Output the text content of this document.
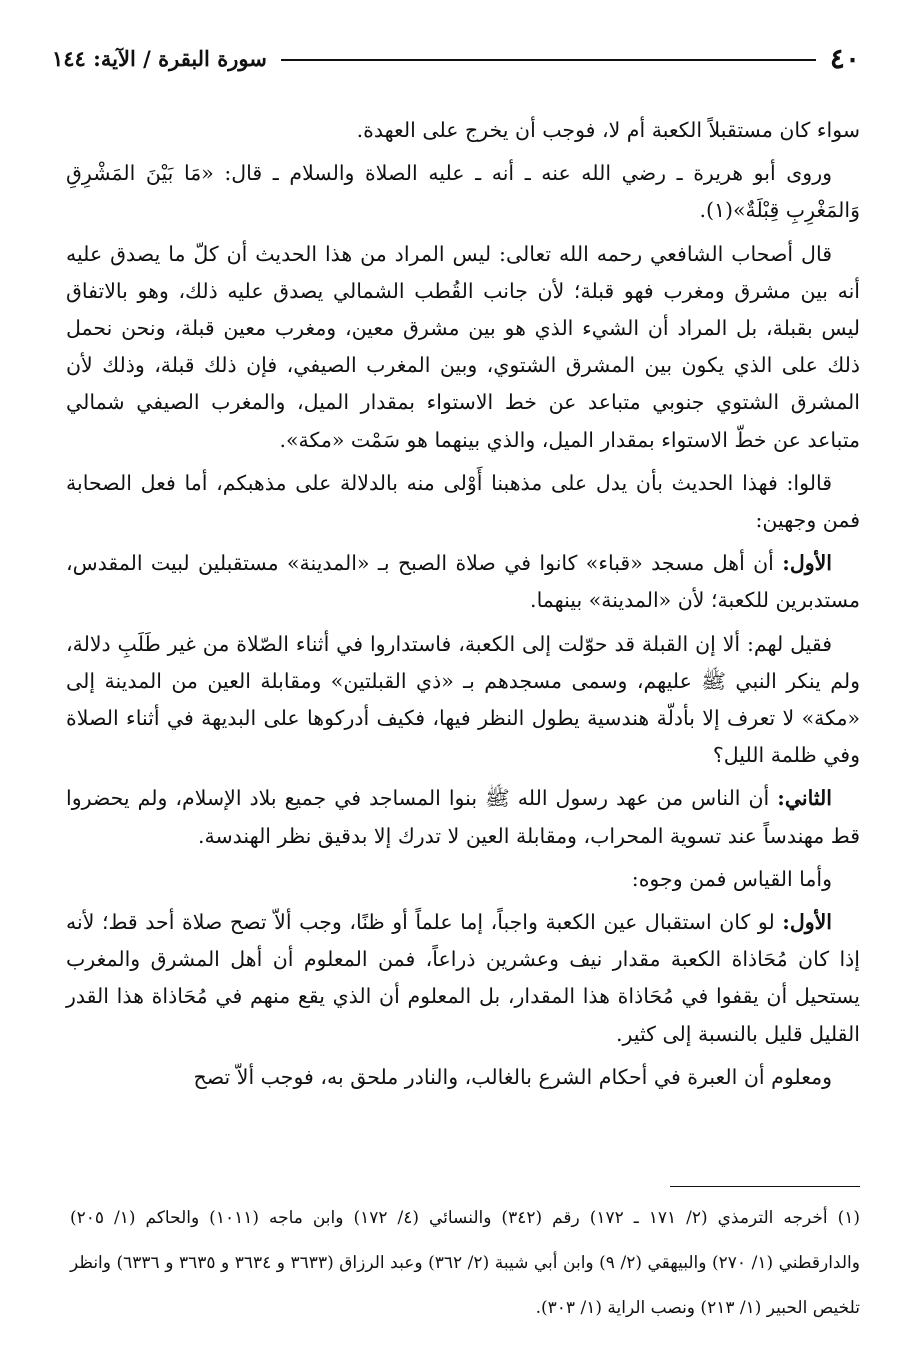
٤٠
سورة البقرة / الآية: ١٤٤

سواء كان مستقبلاً الكعبة أم لا، فوجب أن يخرج على العهدة.

وروى أبو هريرة ـ رضي الله عنه ـ أنه ـ عليه الصلاة والسلام ـ قال: «مَا بَيْنَ المَشْرِقِ وَالمَغْرِبِ قِبْلَةٌ»(١).

قال أصحاب الشافعي رحمه الله تعالى: ليس المراد من هذا الحديث أن كلّ ما يصدق عليه أنه بين مشرق ومغرب فهو قبلة؛ لأن جانب القُطب الشمالي يصدق عليه ذلك، وهو بالاتفاق ليس بقبلة، بل المراد أن الشيء الذي هو بين مشرق معين، ومغرب معين قبلة، ونحن نحمل ذلك على الذي يكون بين المشرق الشتوي، وبين المغرب الصيفي، فإن ذلك قبلة، وذلك لأن المشرق الشتوي جنوبي متباعد عن خط الاستواء بمقدار الميل، والمغرب الصيفي شمالي متباعد عن خطّ الاستواء بمقدار الميل، والذي بينهما هو سَمْت «مكة».

قالوا: فهذا الحديث بأن يدل على مذهبنا أَوْلى منه بالدلالة على مذهبكم، أما فعل الصحابة فمن وجهين:

الأول: أن أهل مسجد «قباء» كانوا في صلاة الصبح بـ «المدينة» مستقبلين لبيت المقدس، مستدبرين للكعبة؛ لأن «المدينة» بينهما.

فقيل لهم: ألا إن القبلة قد حوّلت إلى الكعبة، فاستداروا في أثناء الصّلاة من غير طَلَبِ دلالة، ولم ينكر النبي ﷺ عليهم، وسمى مسجدهم بـ «ذي القبلتين» ومقابلة العين من المدينة إلى «مكة» لا تعرف إلا بأدلّة هندسية يطول النظر فيها، فكيف أدركوها على البديهة في أثناء الصلاة وفي ظلمة الليل؟

الثاني: أن الناس من عهد رسول الله ﷺ بنوا المساجد في جميع بلاد الإسلام، ولم يحضروا قط مهندساً عند تسوية المحراب، ومقابلة العين لا تدرك إلا بدقيق نظر الهندسة.

وأما القياس فمن وجوه:

الأول: لو كان استقبال عين الكعبة واجباً، إما علماً أو ظنًا، وجب ألاّ تصح صلاة أحد قط؛ لأنه إذا كان مُحَاذاة الكعبة مقدار نيف وعشرين ذراعاً، فمن المعلوم أن أهل المشرق والمغرب يستحيل أن يقفوا في مُحَاذاة هذا المقدار، بل المعلوم أن الذي يقع منهم في مُحَاذاة هذا القدر القليل قليل بالنسبة إلى كثير.

ومعلوم أن العبرة في أحكام الشرع بالغالب، والنادر ملحق به، فوجب ألاّ تصح

(١) أخرجه الترمذي (٢/ ١٧١ ـ ١٧٢) رقم (٣٤٢) والنسائي (٤/ ١٧٢) وابن ماجه (١٠١١) والحاكم (١/ ٢٠٥) والدارقطني (١/ ٢٧٠) والبيهقي (٢/ ٩) وابن أبي شيبة (٢/ ٣٦٢) وعبد الرزاق (٣٦٣٣ و ٣٦٣٤ و ٣٦٣٥ و ٦٣٣٦) وانظر تلخيص الحبير (١/ ٢١٣) ونصب الراية (١/ ٣٠٣).
